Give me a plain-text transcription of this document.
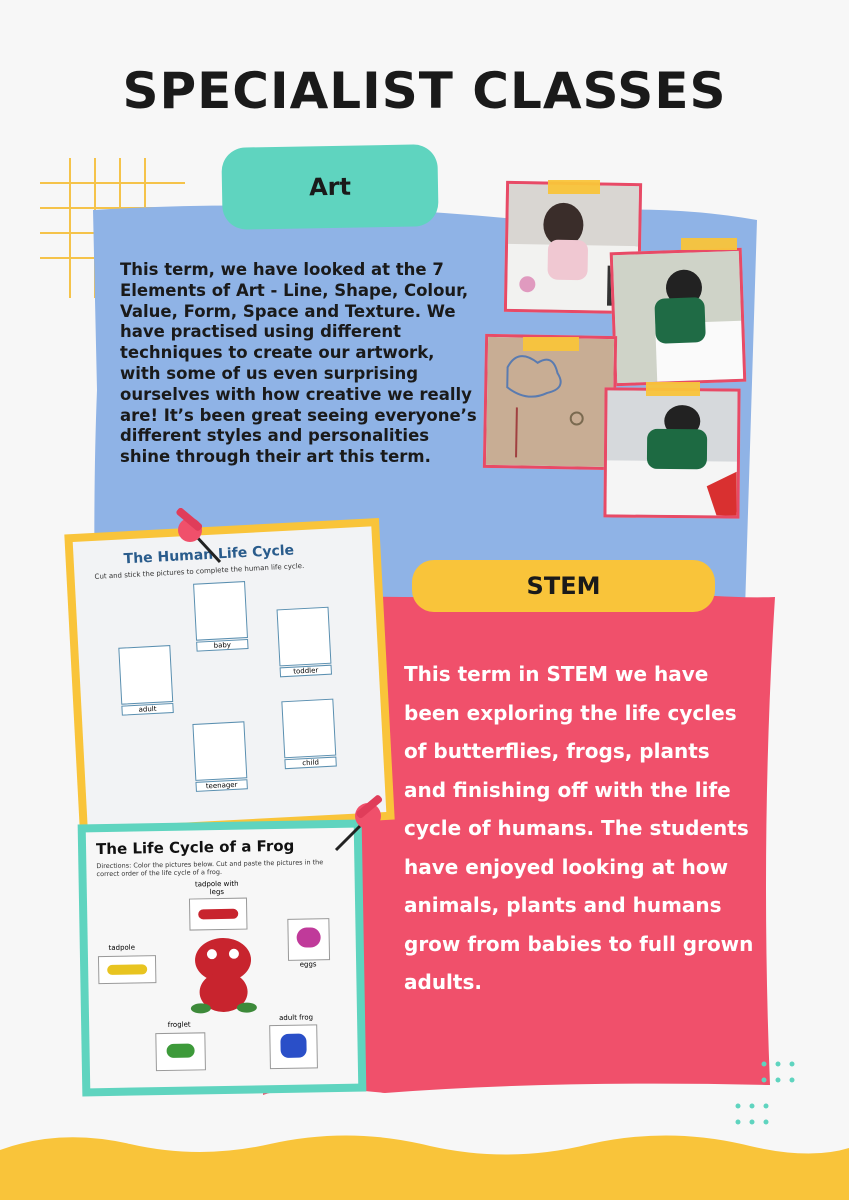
SPECIALIST CLASSES
Art

This term, we have looked at the 7 Elements of Art - Line, Shape, Colour, Value, Form, Space and Texture. We have practised using different techniques to create our artwork, with some of us even surprising ourselves with how creative we really are! It’s been great seeing everyone’s different styles and personalities shine through their art this term.

STEM

This term in STEM we have been exploring the life cycles of butterflies, frogs, plants and finishing off with the life cycle of humans. The students have enjoyed looking at how animals, plants and humans grow from babies to full grown adults.

The Human Life Cycle
Cut and stick the pictures to complete the human life cycle.
baby
toddler
child
teenager
adult
The Life Cycle of a Frog
Directions: Color the pictures below. Cut and paste the pictures in the correct order of the life cycle of a frog.
tadpole with legs
eggs
adult frog
froglet
tadpole
